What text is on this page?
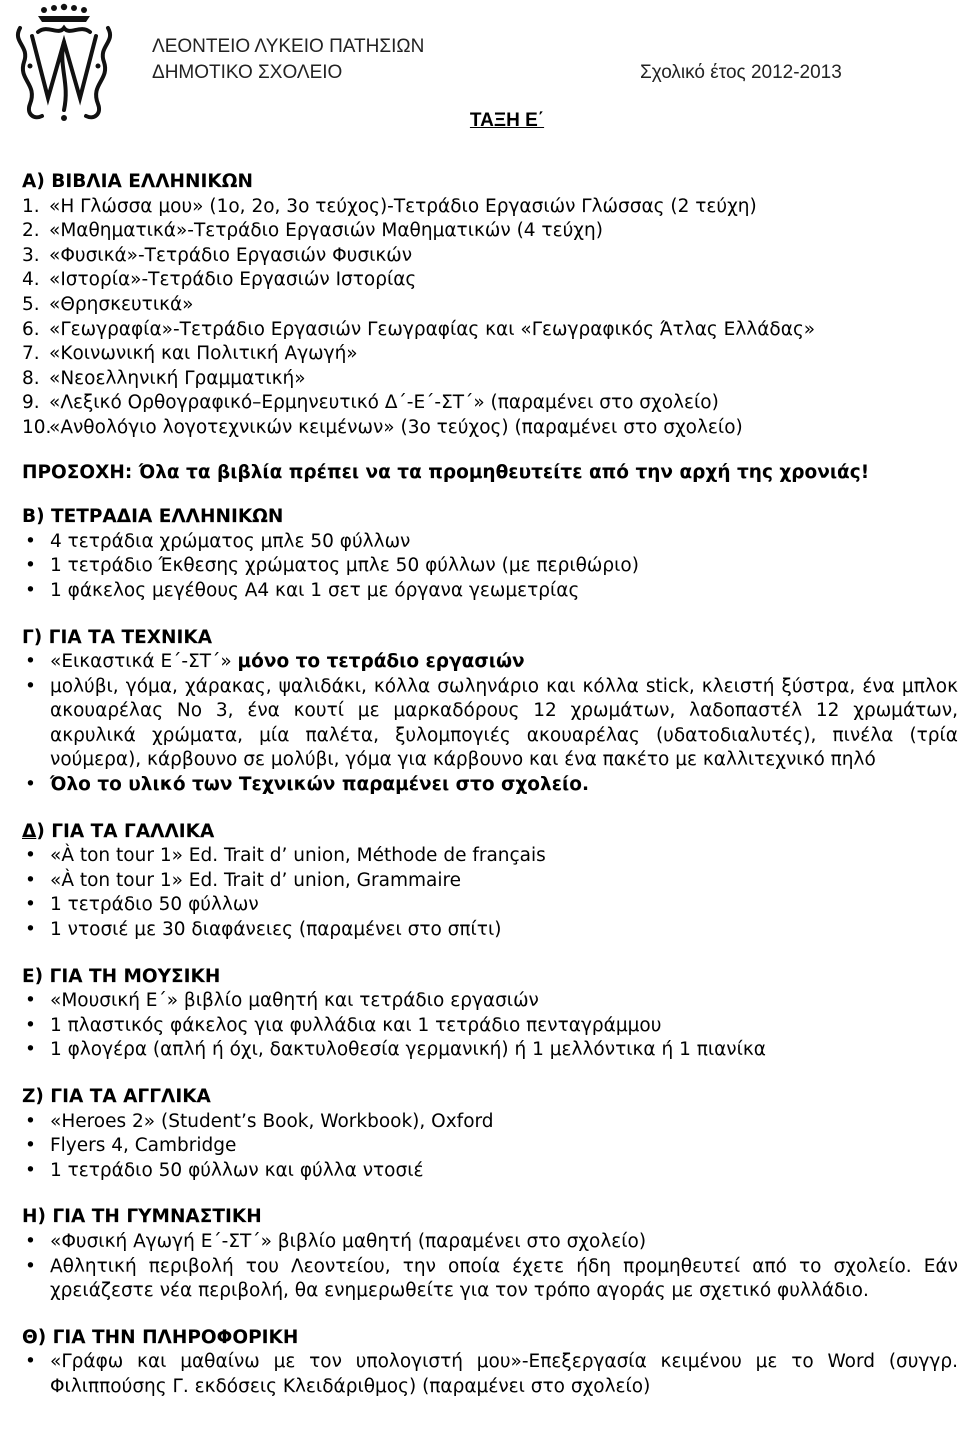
ΛΕΟΝΤΕΙΟ ΛΥΚΕΙΟ ΠΑΤΗΣΙΩΝ
ΔΗΜΟΤΙΚΟ ΣΧΟΛΕΙΟ	Σχολικό έτος 2012-2013
ΤΑΞΗ Ε΄
Α) ΒΙΒΛΙΑ ΕΛΛΗΝΙΚΩΝ
1. «Η Γλώσσα μου» (1ο, 2ο, 3ο τεύχος)-Τετράδιο Εργασιών Γλώσσας (2 τεύχη)
2. «Μαθηματικά»-Τετράδιο Εργασιών Μαθηματικών (4 τεύχη)
3. «Φυσικά»-Τετράδιο Εργασιών Φυσικών
4. «Ιστορία»-Τετράδιο Εργασιών Ιστορίας
5. «Θρησκευτικά»
6. «Γεωγραφία»-Τετράδιο Εργασιών Γεωγραφίας και «Γεωγραφικός Άτλας Ελλάδας»
7. «Κοινωνική και Πολιτική Αγωγή»
8. «Νεοελληνική Γραμματική»
9. «Λεξικό Ορθογραφικό–Ερμηνευτικό Δ΄-Ε΄-ΣΤ΄» (παραμένει στο σχολείο)
10.«Ανθολόγιο λογοτεχνικών κειμένων» (3ο τεύχος) (παραμένει στο σχολείο)
ΠΡΟΣΟΧΗ: Όλα τα βιβλία πρέπει να τα προμηθευτείτε από την αρχή της χρονιάς!
Β) ΤΕΤΡΑΔΙΑ ΕΛΛΗΝΙΚΩΝ
• 4 τετράδια χρώματος μπλε 50 φύλλων
• 1 τετράδιο Έκθεσης χρώματος μπλε 50 φύλλων (με περιθώριο)
• 1 φάκελος μεγέθους Α4 και 1 σετ με όργανα γεωμετρίας
Γ) ΓΙΑ ΤΑ ΤΕΧΝΙΚΑ
• «Εικαστικά Ε΄-ΣΤ΄» μόνο το τετράδιο εργασιών
• μολύβι, γόμα, χάρακας, ψαλιδάκι, κόλλα σωληνάριο και κόλλα stick, κλειστή ξύστρα, ένα μπλοκ ακουαρέλας Νο 3, ένα κουτί με μαρκαδόρους 12 χρωμάτων, λαδοπαστέλ 12 χρωμάτων, ακρυλικά χρώματα, μία παλέτα, ξυλομπογιές ακουαρέλας (υδατοδιαλυτές), πινέλα (τρία νούμερα), κάρβουνο σε μολύβι, γόμα για κάρβουνο και ένα πακέτο με καλλιτεχνικό πηλό
• Όλο το υλικό των Τεχνικών παραμένει στο σχολείο.
Δ) ΓΙΑ ΤΑ ΓΑΛΛΙΚΑ
• «À ton tour 1» Ed. Trait d’ union, Méthode de français
• «À ton tour 1» Ed. Trait d’ union, Grammaire
• 1 τετράδιο 50 φύλλων
• 1 ντοσιέ με 30 διαφάνειες (παραμένει στο σπίτι)
Ε) ΓΙΑ ΤΗ ΜΟΥΣΙΚΗ
• «Μουσική Ε΄» βιβλίο μαθητή και τετράδιο εργασιών
• 1 πλαστικός φάκελος για φυλλάδια και 1 τετράδιο πενταγράμμου
• 1 φλογέρα (απλή ή όχι, δακτυλοθεσία γερμανική) ή 1 μελλόντικα ή 1 πιανίκα
Ζ) ΓΙΑ ΤΑ ΑΓΓΛΙΚΑ
• «Heroes 2» (Student’s Book, Workbook), Oxford
• Flyers 4, Cambridge
• 1 τετράδιο 50 φύλλων και φύλλα ντοσιέ
Η) ΓΙΑ ΤΗ ΓΥΜΝΑΣΤΙΚΗ
• «Φυσική Αγωγή Ε΄-ΣΤ΄» βιβλίο μαθητή (παραμένει στο σχολείο)
• Αθλητική περιβολή του Λεοντείου, την οποία έχετε ήδη προμηθευτεί από το σχολείο. Εάν χρειάζεστε νέα περιβολή, θα ενημερωθείτε για τον τρόπο αγοράς με σχετικό φυλλάδιο.
Θ) ΓΙΑ ΤΗΝ ΠΛΗΡΟΦΟΡΙΚΗ
• «Γράφω και μαθαίνω με τον υπολογιστή μου»-Επεξεργασία κειμένου με το Word (συγγρ. Φιλιππούσης Γ. εκδόσεις Κλειδάριθμος) (παραμένει στο σχολείο)
